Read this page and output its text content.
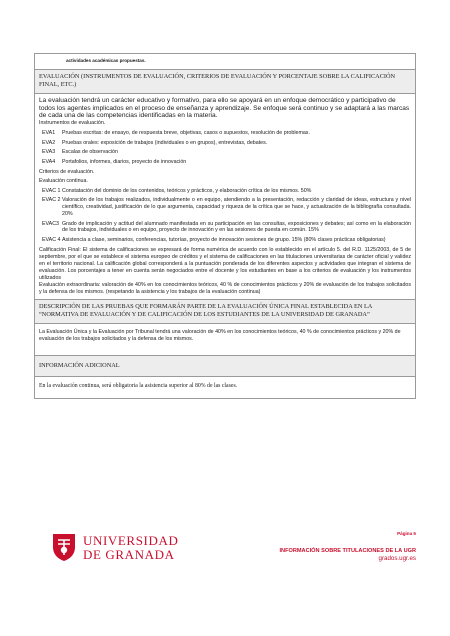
actividades académicas propuestas.
EVALUACIÓN (INSTRUMENTOS DE EVALUACIÓN, CRITERIOS DE EVALUACIÓN Y PORCENTAJE SOBRE LA CALIFICACIÓN FINAL, ETC.)
La evaluación tendrá un carácter educativo y formativo, para ello se apoyará en un enfoque democrático y participativo de todos los agentes implicados en el proceso de enseñanza y aprendizaje. Se enfoque será continuo y se adaptará a las marcas de cada una de las competencias identificadas en la materia.
Instrumentos de evaluación.
EVA1	Pruebas escritas: de ensayo, de respuesta breve, objetivas, casos o supuestos, resolución de problemas.
EVA2	Pruebas orales: exposición de trabajos (individuales o en grupos), entrevistas, debates.
EVA3	Escalas de observación
EVA4	Portafolios, informes, diarios, proyecto de innovación
Criterios de evaluación.
Evaluación continua.
EVAC 1 Constatación del dominio de los contenidos, teóricos y prácticos, y elaboración crítica de los mismos. 50%
EVAC 2 Valoración de los trabajos realizados, individualmente o en equipo, atendiendo a la presentación, redacción y claridad de ideas, estructura y nivel científico, creatividad, justificación de lo que argumenta, capacidad y riqueza de la crítica que se hace, y actualización de la bibliografía consultada. 20%
EVAC3 Grado de implicación y actitud del alumnado manifestada en su participación en las consultas, exposiciones y debates; así como en la elaboración de los trabajos, individuales o en equipo, proyecto de innovación y en las sesiones de puesta en común. 15%
EVAC 4 Asistencia a clase, seminarios, conferencias, tutorías, proyecto de innovación sesiones de grupo. 15% (80% clases prácticas obligatorias)
Calificación Final: El sistema de calificaciones se expresará de forma numérica de acuerdo con lo establecido en el artículo 5. del R.D. 1125/2003, de 5 de septiembre, por el que se establece el sistema europeo de créditos y el sistema de calificaciones en las titulaciones universitarias de carácter oficial y validez en el territorio nacional. La calificación global corresponderá a la puntuación ponderada de los diferentes aspectos y actividades que integran el sistema de evaluación. Los porcentajes a tener en cuenta serán negociados entre el docente y los estudiantes en base a los criterios de evaluación y los instrumentos utilizados
Evaluación extraordinaria: valoración de 40% en los conocimientos teóricos, 40 % de conocimientos prácticos y 20% de evaluación de los trabajos solicitados y la defensa de los mismos. (respetando la asistencia y los trabajos de la evaluación continua)
DESCRIPCIÓN DE LAS PRUEBAS QUE FORMARÁN PARTE DE LA EVALUACIÓN ÚNICA FINAL ESTABLECIDA EN LA “NORMATIVA DE EVALUACIÓN Y DE CALIFICACIÓN DE LOS ESTUDIANTES DE LA UNIVERSIDAD DE GRANADA”
La Evaluación Única y la Evaluación por Tribunal tendrá una valoración de 40% en los conocimientos teóricos, 40 % de conocimientos prácticos y 20% de evaluación de los trabajos solicitados y la defensa de los mismos.
INFORMACIÓN ADICIONAL
En la evaluación continua, será obligatoria la asistencia superior al 80% de las clases.
UNIVERSIDAD
DE GRANADA
Página 5
INFORMACIÓN SOBRE TITULACIONES DE LA UGR
grados.ugr.es
